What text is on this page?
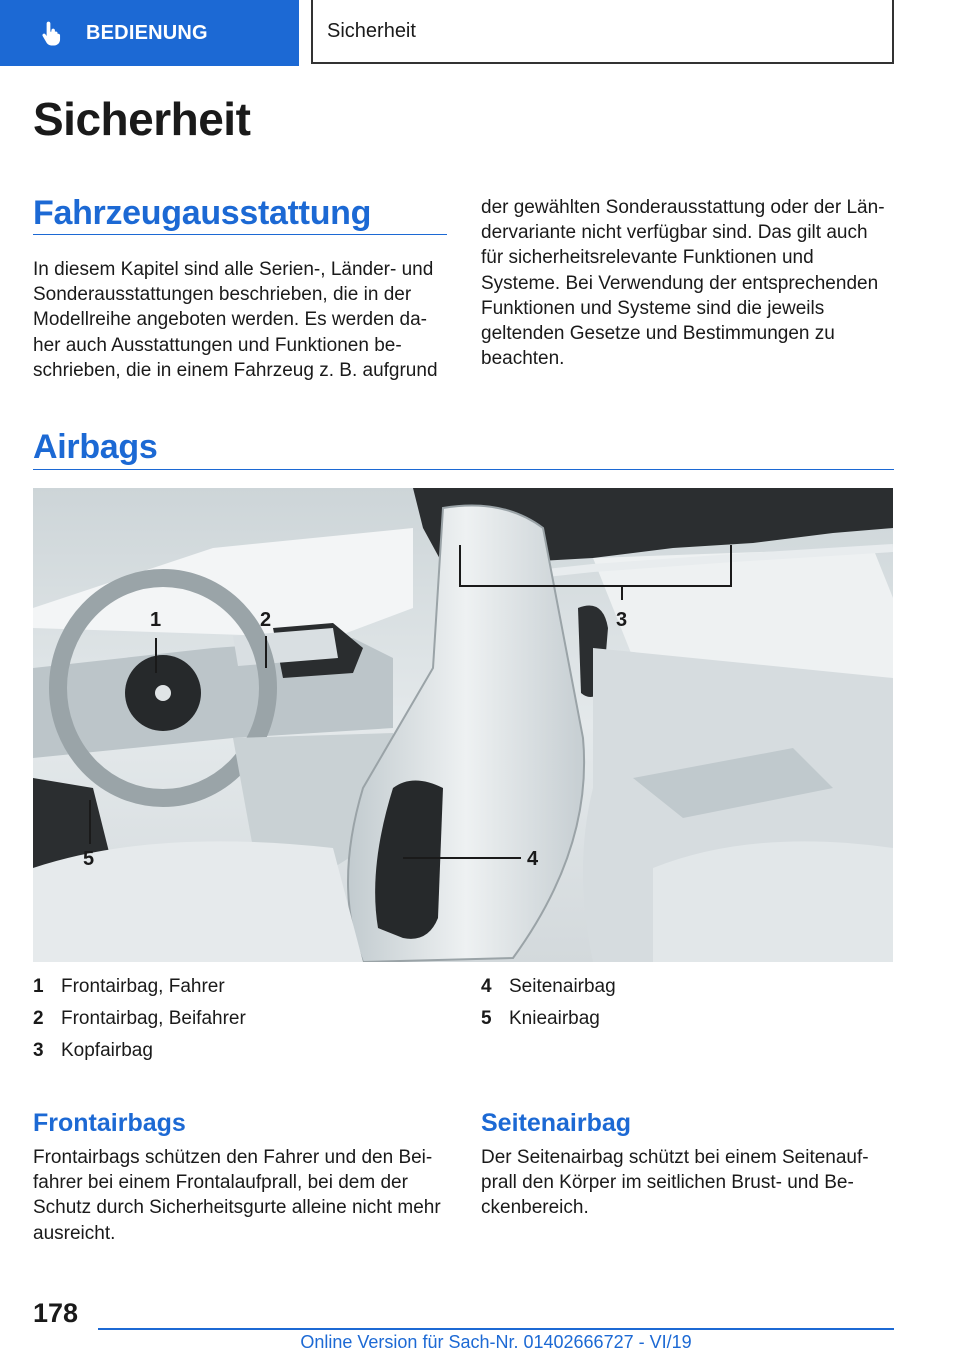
BEDIENUNG	Sicherheit
Sicherheit
Fahrzeugausstattung

In diesem Kapitel sind alle Serien-, Länder- und Sonderausstattungen beschrieben, die in der Modellreihe angeboten werden. Es werden daher auch Ausstattungen und Funktionen beschrieben, die in einem Fahrzeug z. B. aufgrund

der gewählten Sonderausstattung oder der Ländervariante nicht verfügbar sind. Das gilt auch für sicherheitsrelevante Funktionen und Systeme. Bei Verwendung der entsprechenden Funktionen und Systeme sind die jeweils geltenden Gesetze und Bestimmungen zu beachten.

Airbags
1	2	3
4
5
1 Frontairbag, Fahrer
2 Frontairbag, Beifahrer
3 Kopfairbag
4 Seitenairbag
5 Knieairbag
Frontairbags

Frontairbags schützen den Fahrer und den Beifahrer bei einem Frontalaufprall, bei dem der Schutz durch Sicherheitsgurte alleine nicht mehr ausreicht.

Seitenairbag

Der Seitenairbag schützt bei einem Seitenaufprall den Körper im seitlichen Brust- und Beckenbereich.

178
Online Version für Sach-Nr. 01402666727 - VI/19
